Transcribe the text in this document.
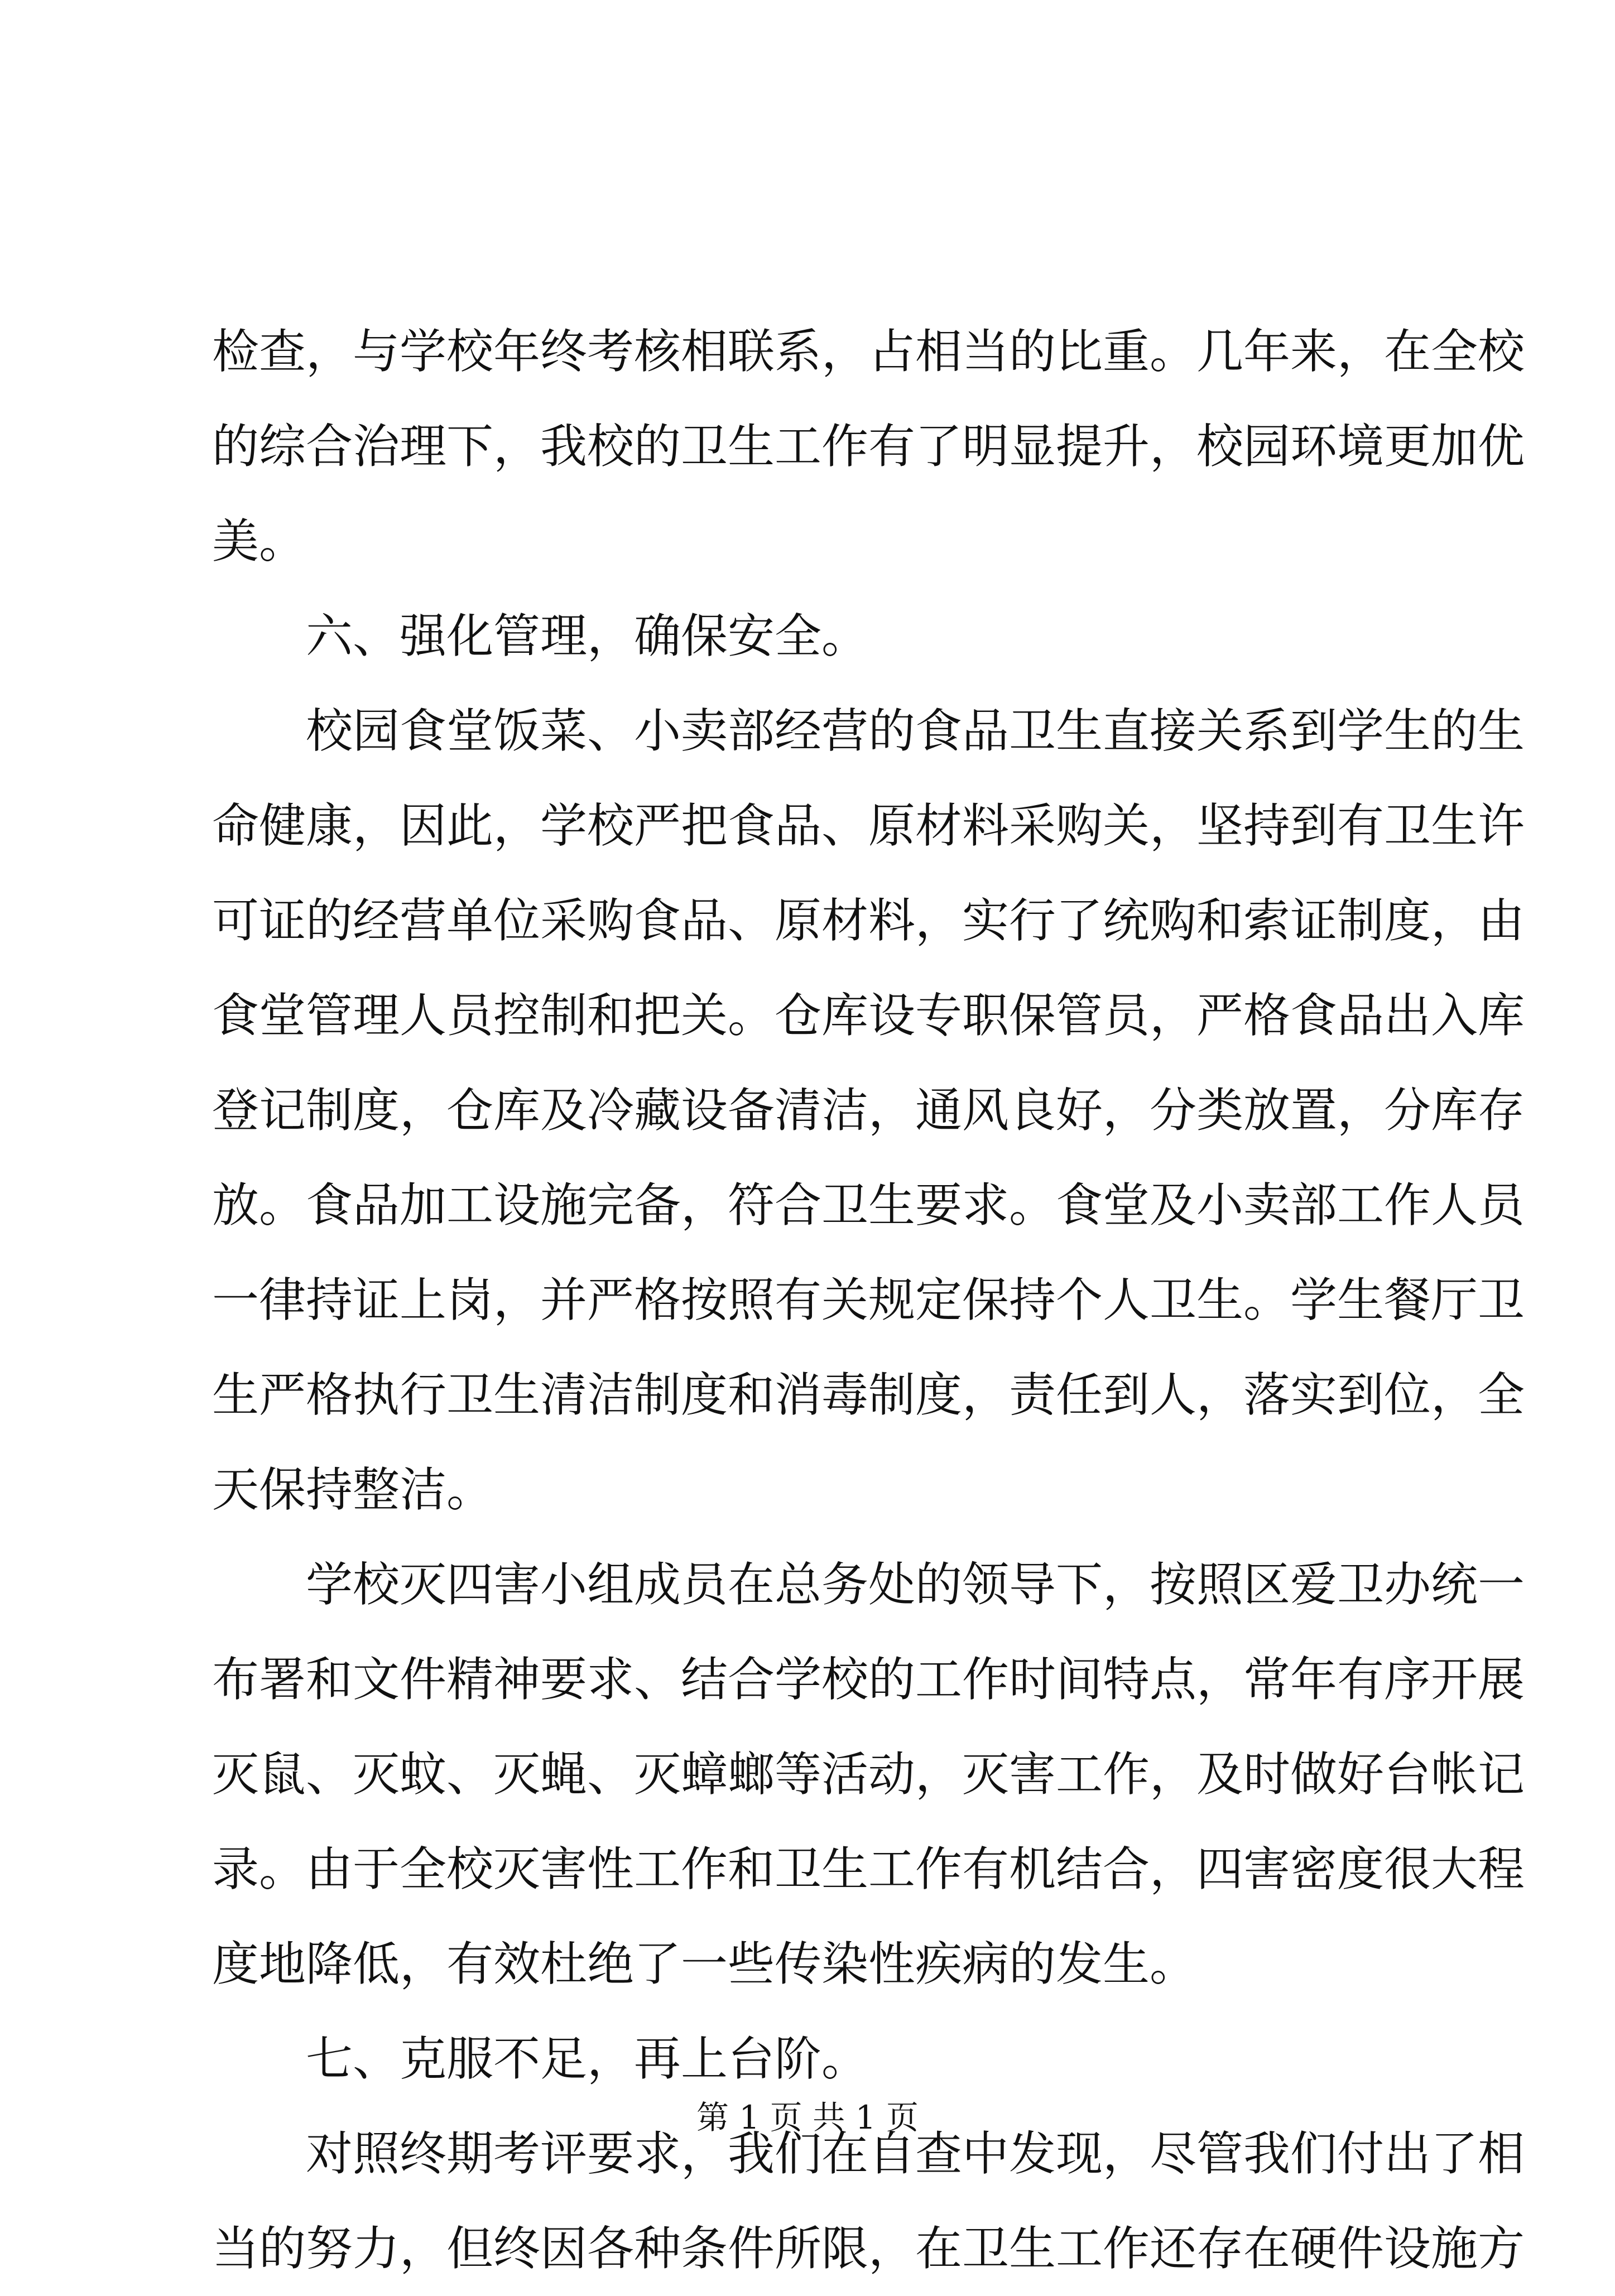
检查，与学校年终考核相联系，占相当的比重。几年来，在全校
的综合治理下，我校的卫生工作有了明显提升，校园环境更加优
美。
六、强化管理，确保安全。
校园食堂饭菜、小卖部经营的食品卫生直接关系到学生的生
命健康，因此，学校严把食品、原材料采购关，坚持到有卫生许
可证的经营单位采购食品、原材料，实行了统购和索证制度，由
食堂管理人员控制和把关。仓库设专职保管员，严格食品出入库
登记制度，仓库及冷藏设备清洁，通风良好，分类放置，分库存
放。食品加工设施完备，符合卫生要求。食堂及小卖部工作人员
一律持证上岗，并严格按照有关规定保持个人卫生。学生餐厅卫
生严格执行卫生清洁制度和消毒制度，责任到人，落实到位，全
天保持整洁。
学校灭四害小组成员在总务处的领导下，按照区爱卫办统一
布署和文件精神要求、结合学校的工作时间特点，常年有序开展
灭鼠、灭蚊、灭蝇、灭蟑螂等活动，灭害工作，及时做好台帐记
录。由于全校灭害性工作和卫生工作有机结合，四害密度很大程
度地降低，有效杜绝了一些传染性疾病的发生。
七、克服不足，再上台阶。
对照终期考评要求，我们在自查中发现，尽管我们付出了相
当的努力，但终因各种条件所限，在卫生工作还存在硬件设施方
第 1 页 共 1 页
